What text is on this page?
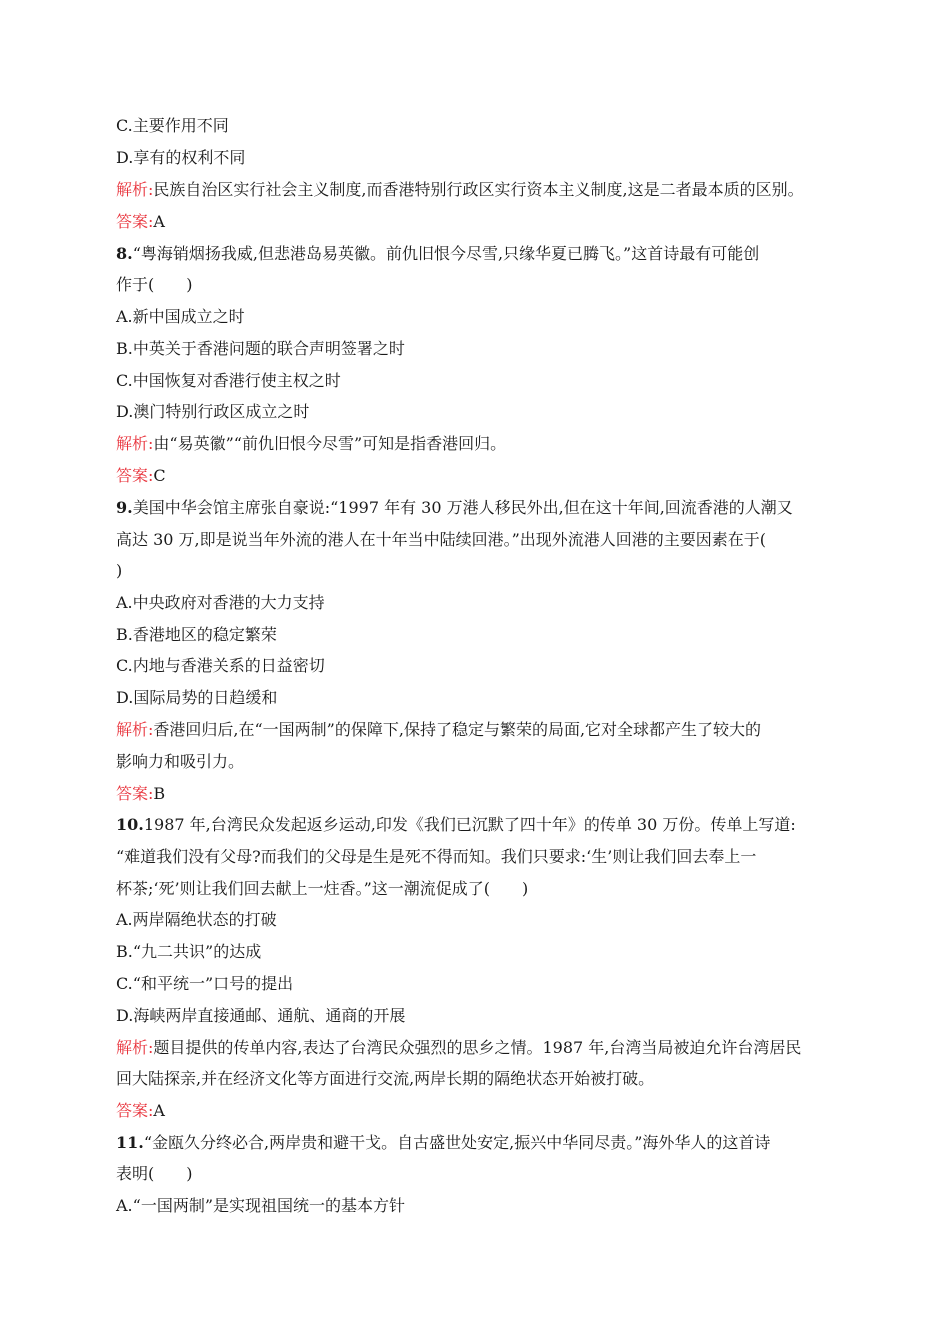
C.主要作用不同
D.享有的权利不同
解析:民族自治区实行社会主义制度,而香港特别行政区实行资本主义制度,这是二者最本质的区别。
答案:A
8.“粤海销烟扬我威,但悲港岛易英徽。前仇旧恨今尽雪,只缘华夏已腾飞。”这首诗最有可能创
作于(　　)
A.新中国成立之时
B.中英关于香港问题的联合声明签署之时
C.中国恢复对香港行使主权之时
D.澳门特别行政区成立之时
解析:由“易英徽”“前仇旧恨今尽雪”可知是指香港回归。
答案:C
9.美国中华会馆主席张自豪说:“1997 年有 30 万港人移民外出,但在这十年间,回流香港的人潮又
高达 30 万,即是说当年外流的港人在十年当中陆续回港。”出现外流港人回港的主要因素在于(
)
A.中央政府对香港的大力支持
B.香港地区的稳定繁荣
C.内地与香港关系的日益密切
D.国际局势的日趋缓和
解析:香港回归后,在“一国两制”的保障下,保持了稳定与繁荣的局面,它对全球都产生了较大的
影响力和吸引力。
答案:B
10.1987 年,台湾民众发起返乡运动,印发《我们已沉默了四十年》的传单 30 万份。传单上写道:
“难道我们没有父母?而我们的父母是生是死不得而知。我们只要求:‘生’则让我们回去奉上一
杯茶;‘死’则让我们回去献上一炷香。”这一潮流促成了(　　)
A.两岸隔绝状态的打破
B.“九二共识”的达成
C.“和平统一”口号的提出
D.海峡两岸直接通邮、通航、通商的开展
解析:题目提供的传单内容,表达了台湾民众强烈的思乡之情。1987 年,台湾当局被迫允许台湾居民
回大陆探亲,并在经济文化等方面进行交流,两岸长期的隔绝状态开始被打破。
答案:A
11.“金瓯久分终必合,两岸贵和避干戈。自古盛世处安定,振兴中华同尽责。”海外华人的这首诗
表明(　　)
A.“一国两制”是实现祖国统一的基本方针
